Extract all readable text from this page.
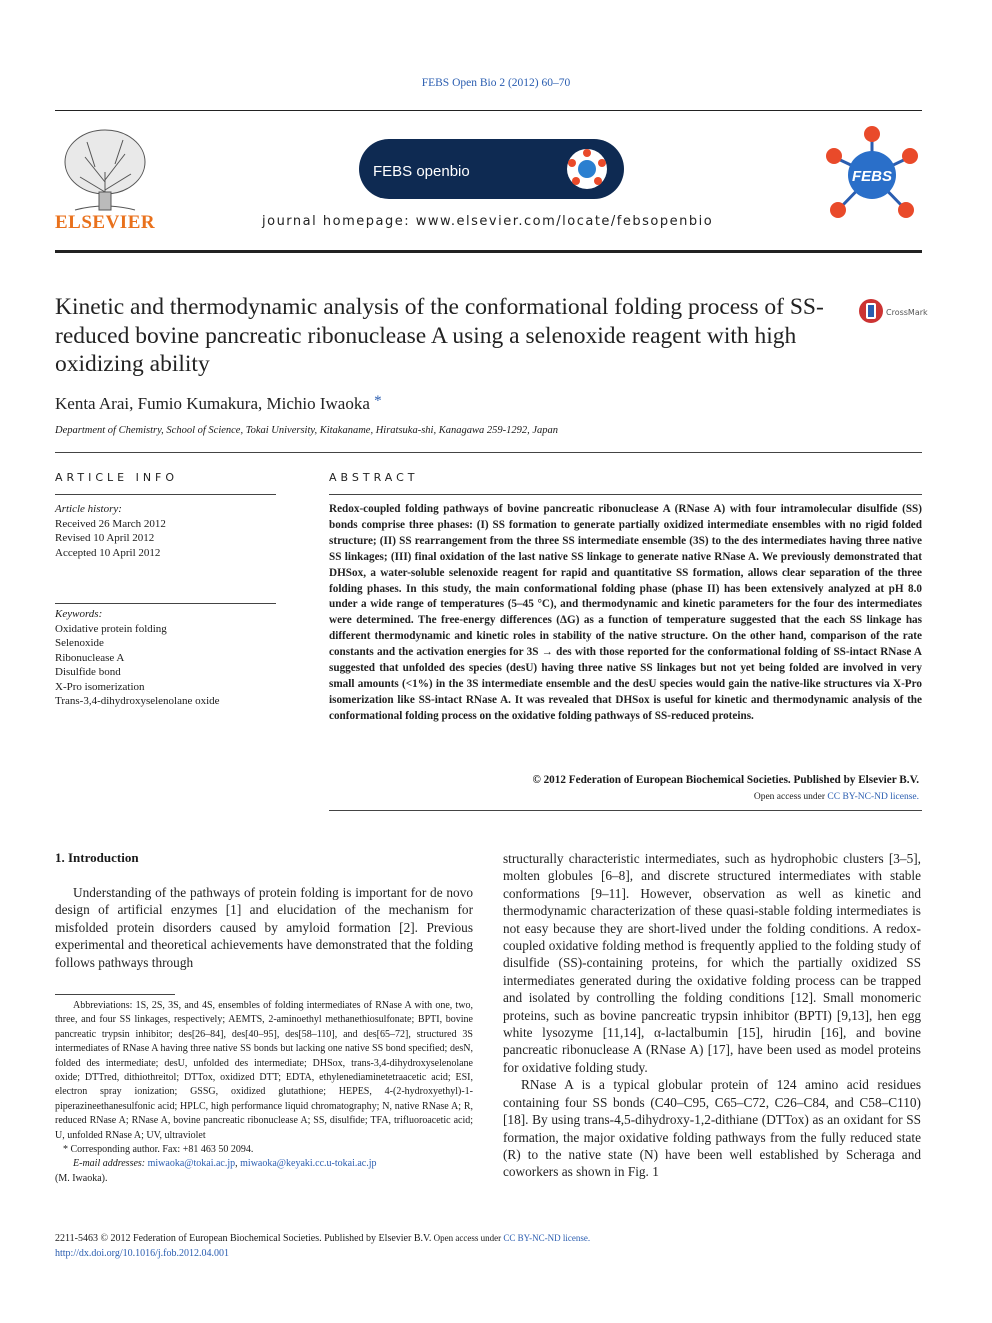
FEBS Open Bio 2 (2012) 60–70
ELSEVIER
FEBS openbio	FEBS
journal homepage: www.elsevier.com/locate/febsopenbio
Kinetic and thermodynamic analysis of the conformational folding process of SS-reduced bovine pancreatic ribonuclease A using a selenoxide reagent with high oxidizing ability
CrossMark
Kenta Arai, Fumio Kumakura, Michio Iwaoka *
Department of Chemistry, School of Science, Tokai University, Kitakaname, Hiratsuka-shi, Kanagawa 259-1292, Japan
ARTICLE INFO
Article history:
Received 26 March 2012
Revised 10 April 2012
Accepted 10 April 2012
Keywords:
Oxidative protein folding
Selenoxide
Ribonuclease A
Disulfide bond
X-Pro isomerization
Trans-3,4-dihydroxyselenolane oxide
ABSTRACT
Redox-coupled folding pathways of bovine pancreatic ribonuclease A (RNase A) with four intramolecular disulfide (SS) bonds comprise three phases: (I) SS formation to generate partially oxidized intermediate ensembles with no rigid folded structure; (II) SS rearrangement from the three SS intermediate ensemble (3S) to the des intermediates having three native SS linkages; (III) final oxidation of the last native SS linkage to generate native RNase A. We previously demonstrated that DHSox, a water-soluble selenoxide reagent for rapid and quantitative SS formation, allows clear separation of the three folding phases. In this study, the main conformational folding phase (phase II) has been extensively analyzed at pH 8.0 under a wide range of temperatures (5–45 °C), and thermodynamic and kinetic parameters for the four des intermediates were determined. The free-energy differences (ΔG) as a function of temperature suggested that the each SS linkage has different thermodynamic and kinetic roles in stability of the native structure. On the other hand, comparison of the rate constants and the activation energies for 3S → des with those reported for the conformational folding of SS-intact RNase A suggested that unfolded des species (desU) having three native SS linkages but not yet being folded are involved in very small amounts (<1%) in the 3S intermediate ensemble and the desU species would gain the native-like structures via X-Pro isomerization like SS-intact RNase A. It was revealed that DHSox is useful for kinetic and thermodynamic analysis of the conformational folding process on the oxidative folding pathways of SS-reduced proteins.
© 2012 Federation of European Biochemical Societies. Published by Elsevier B.V.
Open access under CC BY-NC-ND license.
1. Introduction

Understanding of the pathways of protein folding is important for de novo design of artificial enzymes [1] and elucidation of the mechanism for misfolded protein disorders caused by amyloid formation [2]. Previous experimental and theoretical achievements have demonstrated that the folding follows pathways through

structurally characteristic intermediates, such as hydrophobic clusters [3–5], molten globules [6–8], and discrete structured intermediates with stable conformations [9–11]. However, observation as well as kinetic and thermodynamic characterization of these quasi-stable folding intermediates is not easy because they are short-lived under the folding conditions. A redox-coupled oxidative folding method is frequently applied to the folding study of disulfide (SS)-containing proteins, for which the partially oxidized SS intermediates generated during the oxidative folding process can be trapped and isolated by controlling the folding conditions [12]. Small monomeric proteins, such as bovine pancreatic trypsin inhibitor (BPTI) [9,13], hen egg white lysozyme [11,14], α-lactalbumin [15], hirudin [16], and bovine pancreatic ribonuclease A (RNase A) [17], have been used as model proteins for oxidative folding study.

RNase A is a typical globular protein of 124 amino acid residues containing four SS bonds (C40–C95, C65–C72, C26–C84, and C58–C110) [18]. By using trans-4,5-dihydroxy-1,2-dithiane (DTTox) as an oxidant for SS formation, the major oxidative folding pathways from the fully reduced state (R) to the native state (N) have been well established by Scheraga and coworkers as shown in Fig. 1

Abbreviations: 1S, 2S, 3S, and 4S, ensembles of folding intermediates of RNase A with one, two, three, and four SS linkages, respectively; AEMTS, 2-aminoethyl methanethiosulfonate; BPTI, bovine pancreatic trypsin inhibitor; des[26–84], des[40–95], des[58–110], and des[65–72], structured 3S intermediates of RNase A having three native SS bonds but lacking one native SS bond specified; desN, folded des intermediate; desU, unfolded des intermediate; DHSox, trans-3,4-dihydroxyselenolane oxide; DTTred, dithiothreitol; DTTox, oxidized DTT; EDTA, ethylenediaminetetraacetic acid; ESI, electron spray ionization; GSSG, oxidized glutathione; HEPES, 4-(2-hydroxyethyl)-1-piperazineethanesulfonic acid; HPLC, high performance liquid chromatography; N, native RNase A; R, reduced RNase A; RNase A, bovine pancreatic ribonuclease A; SS, disulfide; TFA, trifluoroacetic acid; U, unfolded RNase A; UV, ultraviolet
* Corresponding author. Fax: +81 463 50 2094.
E-mail addresses: miwaoka@tokai.ac.jp, miwaoka@keyaki.cc.u-tokai.ac.jp
(M. Iwaoka).
2211-5463 © 2012 Federation of European Biochemical Societies. Published by Elsevier B.V. Open access under CC BY-NC-ND license.
http://dx.doi.org/10.1016/j.fob.2012.04.001
